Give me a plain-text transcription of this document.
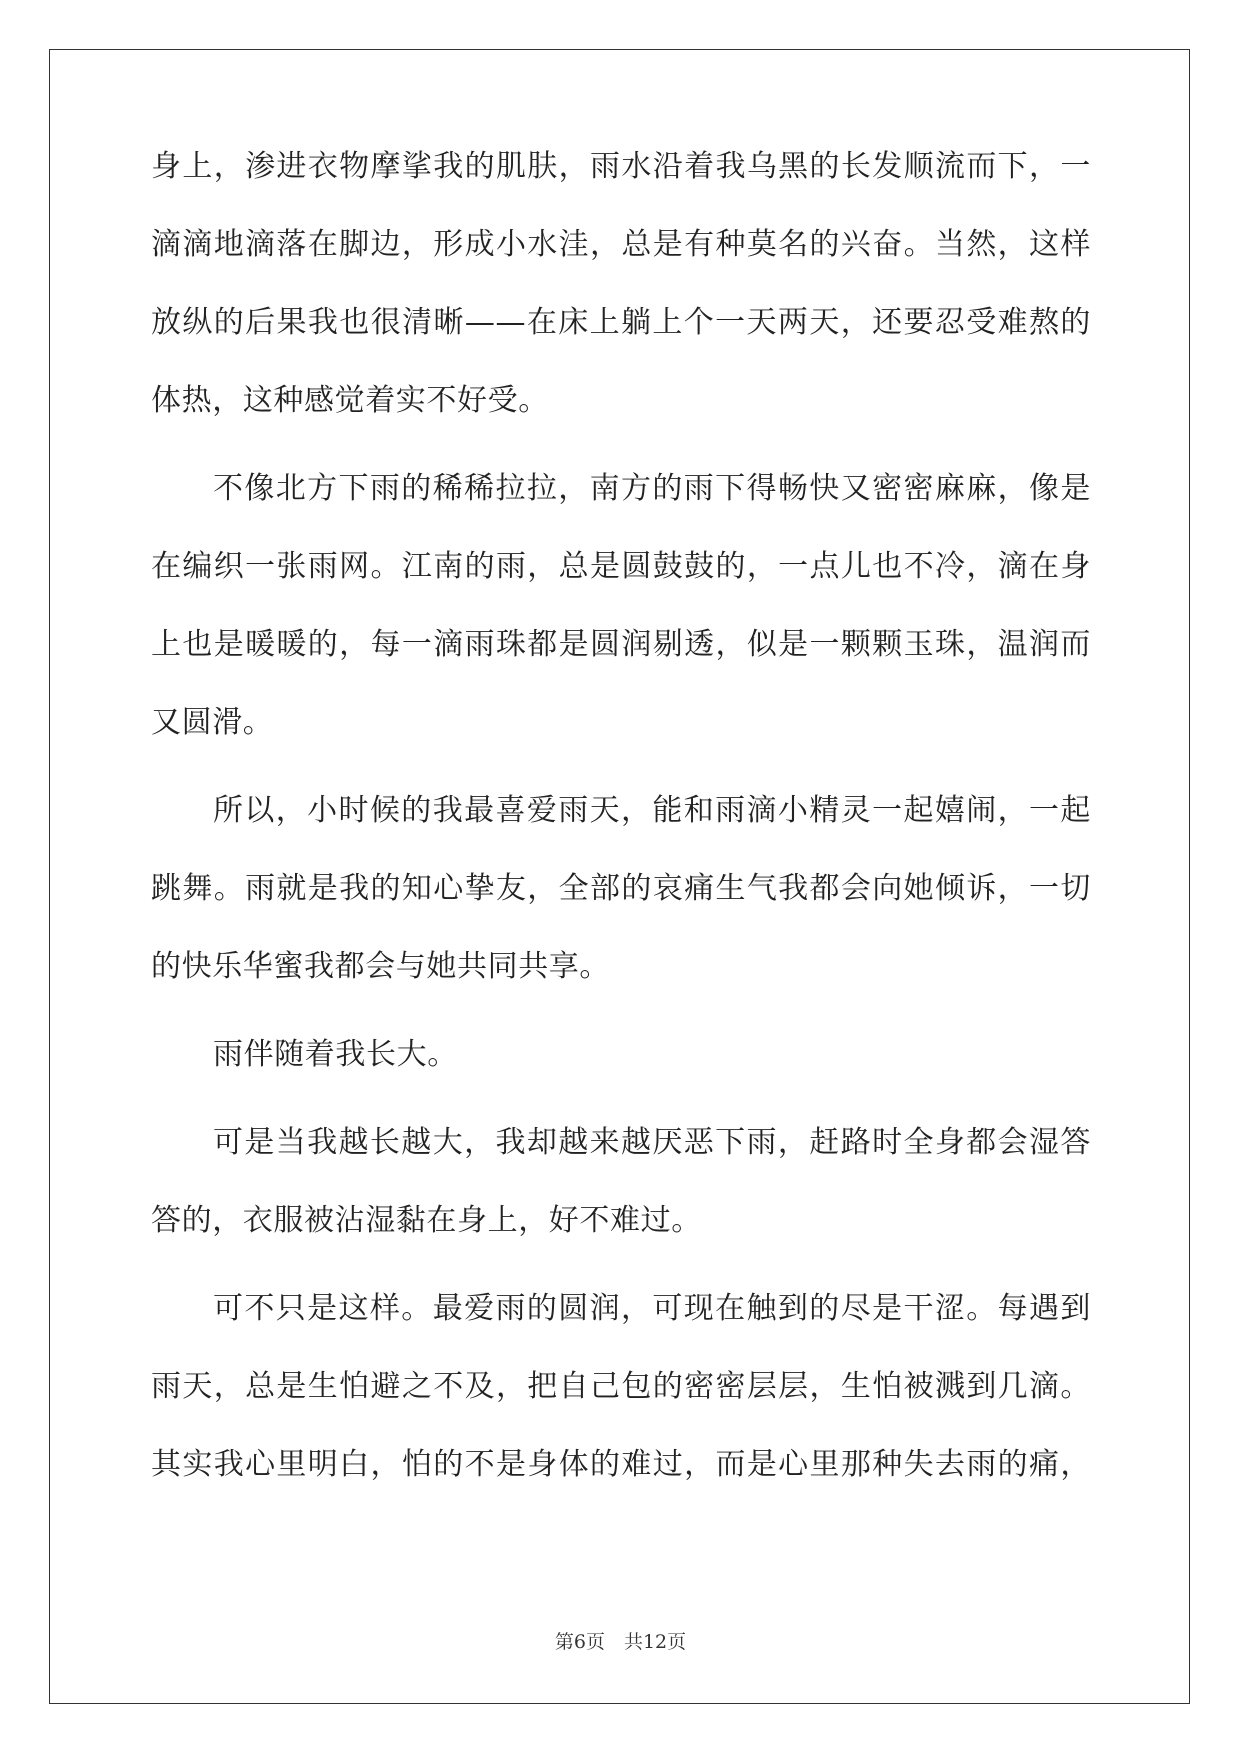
身上，渗进衣物摩挲我的肌肤，雨水沿着我乌黑的长发顺流而下，一
滴滴地滴落在脚边，形成小水洼，总是有种莫名的兴奋。当然，这样
放纵的后果我也很清晰——在床上躺上个一天两天，还要忍受难熬的
体热，这种感觉着实不好受。
不像北方下雨的稀稀拉拉，南方的雨下得畅快又密密麻麻，像是
在编织一张雨网。江南的雨，总是圆鼓鼓的，一点儿也不冷，滴在身
上也是暖暖的，每一滴雨珠都是圆润剔透，似是一颗颗玉珠，温润而
又圆滑。
所以，小时候的我最喜爱雨天，能和雨滴小精灵一起嬉闹，一起
跳舞。雨就是我的知心挚友，全部的哀痛生气我都会向她倾诉，一切
的快乐华蜜我都会与她共同共享。
雨伴随着我长大。
可是当我越长越大，我却越来越厌恶下雨，赶路时全身都会湿答
答的，衣服被沾湿黏在身上，好不难过。
可不只是这样。最爱雨的圆润，可现在触到的尽是干涩。每遇到
雨天，总是生怕避之不及，把自己包的密密层层，生怕被溅到几滴。
其实我心里明白，怕的不是身体的难过，而是心里那种失去雨的痛，
第6页　共12页
